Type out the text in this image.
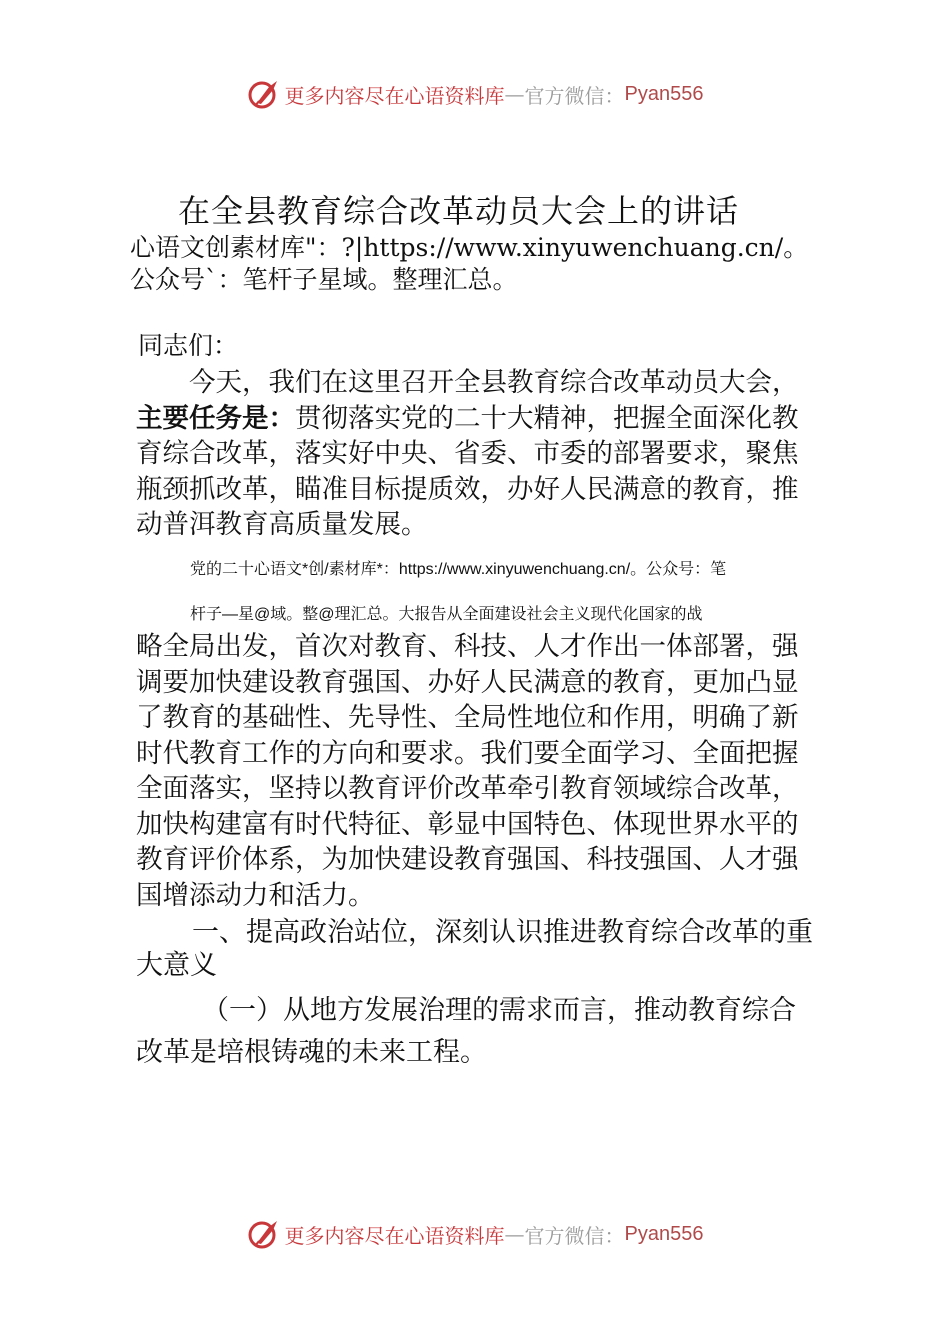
更多内容尽在心语资料库 — 官方微信： Pyan556
在全县教育综合改革动员大会上的讲话

心语文创素材库"：?|https://www.xinyuwenchuang.cn/。公众号`：笔杆子星域。整理汇总。

同志们：

今天，我们在这里召开全县教育综合改革动员大会，主要任务是：贯彻落实党的二十大精神，把握全面深化教育综合改革，落实好中央、省委、市委的部署要求，聚焦瓶颈抓改革，瞄准目标提质效，办好人民满意的教育，推动普洱教育高质量发展。

党的二十心语文*创/素材库*：https://www.xinyuwenchuang.cn/。公众号：笔
杆子—星@域。整@理汇总。大报告从全面建设社会主义现代化国家的战

略全局出发，首次对教育、科技、人才作出一体部署，强调要加快建设教育强国、办好人民满意的教育，更加凸显了教育的基础性、先导性、全局性地位和作用，明确了新时代教育工作的方向和要求。我们要全面学习、全面把握全面落实，坚持以教育评价改革牵引教育领域综合改革，加快构建富有时代特征、彰显中国特色、体现世界水平的教育评价体系，为加快建设教育强国、科技强国、人才强国增添动力和活力。

一、提高政治站位，深刻认识推进教育综合改革的重大意义

（一）从地方发展治理的需求而言，推动教育综合改革是培根铸魂的未来工程。

更多内容尽在心语资料库 — 官方微信： Pyan556
